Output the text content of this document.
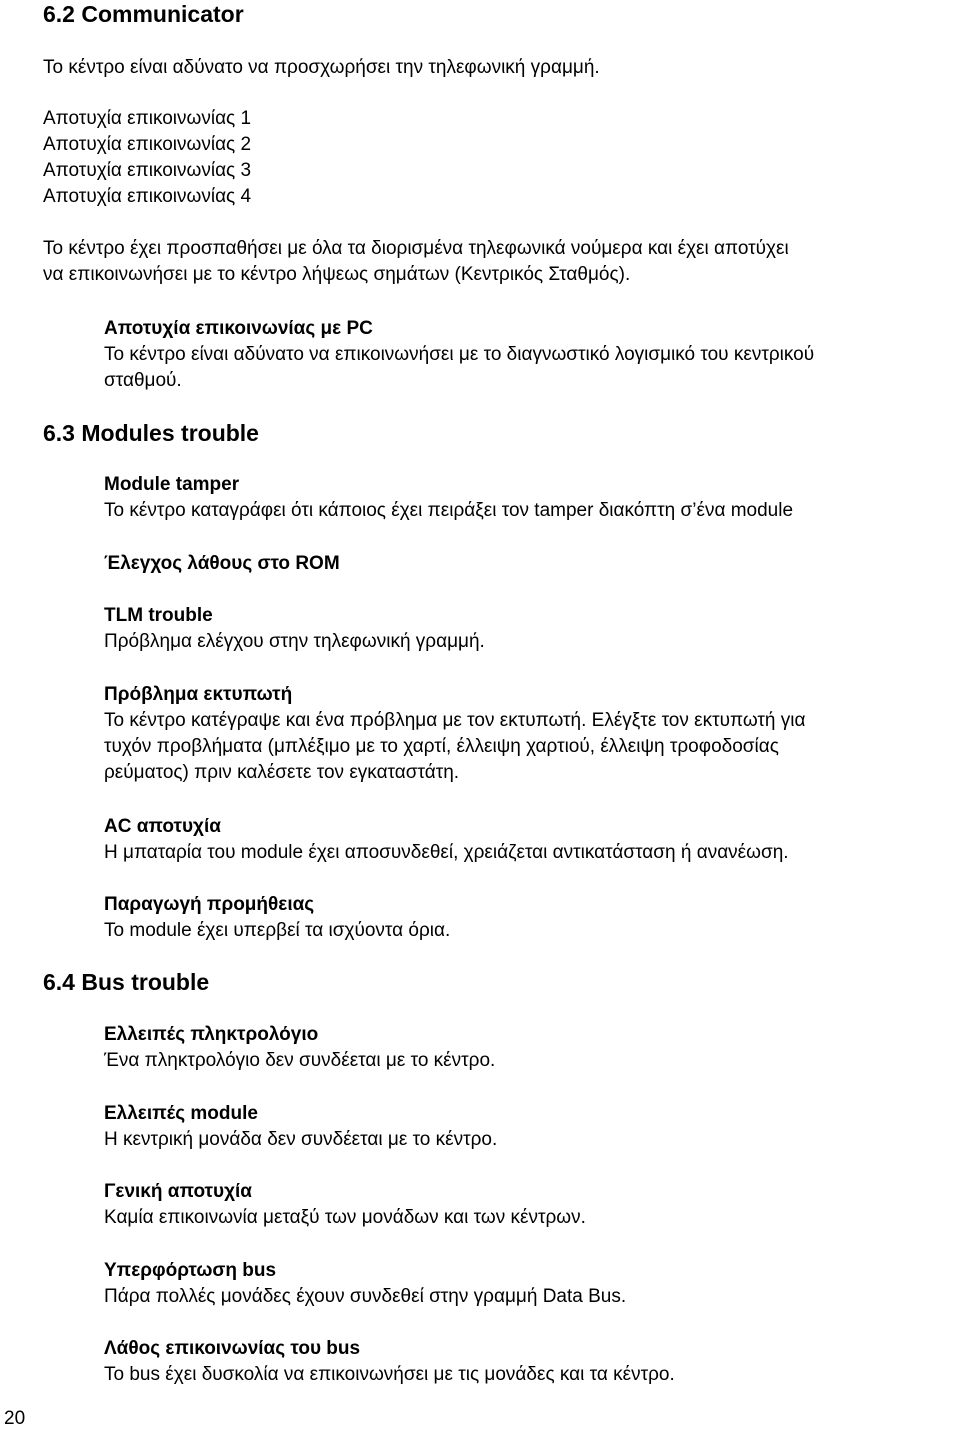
6.2 Communicator
Το κέντρο είναι αδύνατο να προσχωρήσει την τηλεφωνική γραμμή.
Αποτυχία επικοινωνίας 1
Αποτυχία επικοινωνίας 2
Αποτυχία επικοινωνίας 3
Αποτυχία επικοινωνίας 4
Το κέντρο έχει προσπαθήσει με όλα τα διορισμένα τηλεφωνικά νούμερα και έχει αποτύχει
να επικοινωνήσει με το κέντρο λήψεως σημάτων (Κεντρικός Σταθμός).
Αποτυχία επικοινωνίας με PC
Το κέντρο είναι αδύνατο να επικοινωνήσει με το διαγνωστικό λογισμικό του κεντρικού
σταθμού.
6.3 Modules trouble
Module tamper
Το κέντρο καταγράφει ότι κάποιος έχει πειράξει τον tamper διακόπτη σ’ένα module
Έλεγχος λάθους στο ROM
TLM trouble
Πρόβλημα ελέγχου στην τηλεφωνική γραμμή.
Πρόβλημα εκτυπωτή
Το κέντρο κατέγραψε και ένα πρόβλημα με τον εκτυπωτή. Ελέγξτε τον εκτυπωτή για
τυχόν προβλήματα (μπλέξιμο με το χαρτί, έλλειψη χαρτιού, έλλειψη τροφοδοσίας
ρεύματος) πριν καλέσετε τον εγκαταστάτη.
AC αποτυχία
Η μπαταρία του module έχει αποσυνδεθεί, χρειάζεται αντικατάσταση ή ανανέωση.
Παραγωγή προμήθειας
Το module έχει υπερβεί τα ισχύοντα όρια.
6.4 Bus trouble
Ελλειπές πληκτρολόγιο
Ένα πληκτρολόγιο δεν συνδέεται με το κέντρο.
Ελλειπές module
Η κεντρική μονάδα δεν συνδέεται με το κέντρο.
Γενική αποτυχία
Καμία επικοινωνία μεταξύ των μονάδων και των κέντρων.
Υπερφόρτωση bus
Πάρα πολλές μονάδες έχουν συνδεθεί στην γραμμή Data Bus.
Λάθος επικοινωνίας του bus
Το bus έχει δυσκολία να επικοινωνήσει με τις μονάδες και τα κέντρο.
20
